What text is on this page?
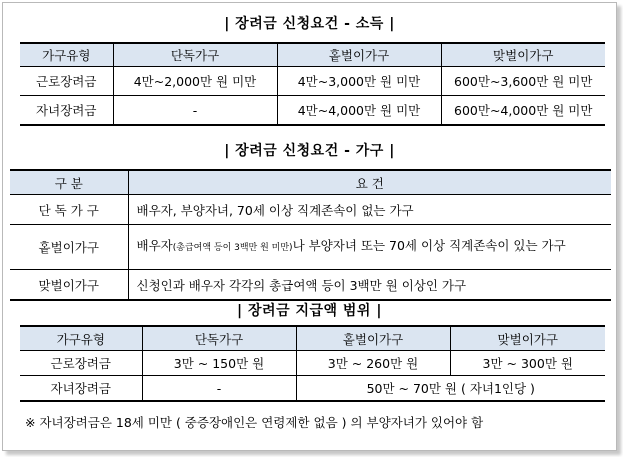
| 장려금 신청요건 - 소득 |
가구유형	단독가구	홑벌이가구	맞벌이가구
근로장려금	4만~2,000만 원 미만	4만~3,000만 원 미만	600만~3,600만 원 미만
자녀장려금	-	4만~4,000만 원 미만	600만~4,000만 원 미만
| 장려금 신청요건 - 가구 |
구 분	요 건
단 독 가 구	배우자, 부양자녀, 70세 이상 직계존속이 없는 가구
홑벌이가구	배우자(총급여액 등이 3백만 원 미만)나 부양자녀 또는 70세 이상 직계존속이 있는 가구
맞벌이가구	신청인과 배우자 각각의 총급여액 등이 3백만 원 이상인 가구
| 장려금 지급액 범위 |
가구유형	단독가구	홑벌이가구	맞벌이가구
근로장려금	3만 ~ 150만 원	3만 ~ 260만 원	3만 ~ 300만 원
자녀장려금	-	50만 ~ 70만 원 ( 자녀1인당 )	
※ 자녀장려금은 18세 미만 ( 중증장애인은 연령제한 없음 ) 의 부양자녀가 있어야 함
